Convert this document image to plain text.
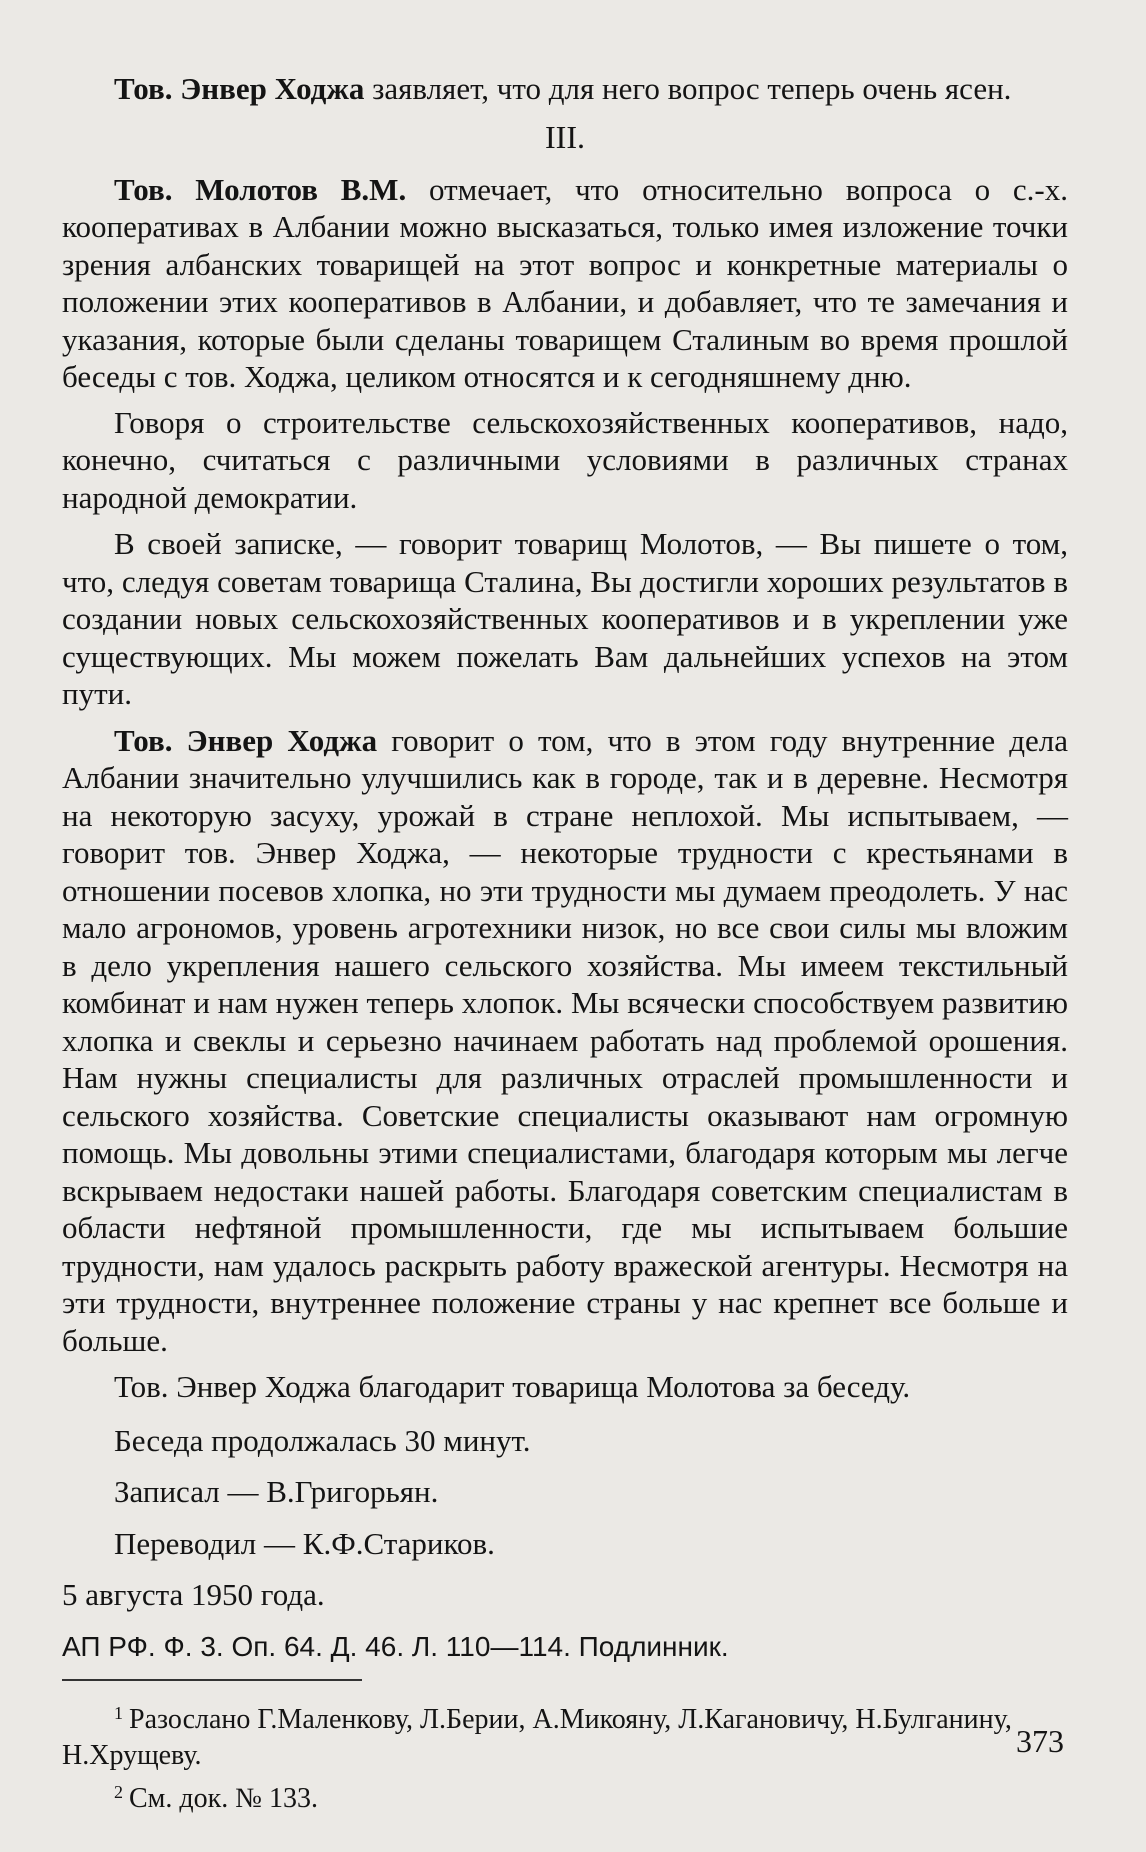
Тов. Энвер Ходжа заявляет, что для него вопрос теперь очень ясен.

III.

Тов. Молотов В.М. отмечает, что относительно вопроса о с.-х. кооперативах в Албании можно высказаться, только имея изложение точки зрения албанских товарищей на этот вопрос и конкретные материалы о положении этих кооперативов в Албании, и добавляет, что те замечания и указания, которые были сделаны товарищем Сталиным во время прошлой беседы с тов. Ходжа, целиком относятся и к сегодняшнему дню.

Говоря о строительстве сельскохозяйственных кооперативов, надо, конечно, считаться с различными условиями в различных странах народной демократии.

В своей записке, — говорит товарищ Молотов, — Вы пишете о том, что, следуя советам товарища Сталина, Вы достигли хороших результатов в создании новых сельскохозяйственных кооперативов и в укреплении уже существующих. Мы можем пожелать Вам дальнейших успехов на этом пути.

Тов. Энвер Ходжа говорит о том, что в этом году внутренние дела Албании значительно улучшились как в городе, так и в деревне. Несмотря на некоторую засуху, урожай в стране неплохой. Мы испытываем, — говорит тов. Энвер Ходжа, — некоторые трудности с крестьянами в отношении посевов хлопка, но эти трудности мы думаем преодолеть. У нас мало агрономов, уровень агротехники низок, но все свои силы мы вложим в дело укрепления нашего сельского хозяйства. Мы имеем текстильный комбинат и нам нужен теперь хлопок. Мы всячески способствуем развитию хлопка и свеклы и серьезно начинаем работать над проблемой орошения. Нам нужны специалисты для различных отраслей промышленности и сельского хозяйства. Советские специалисты оказывают нам огромную помощь. Мы довольны этими специалистами, благодаря которым мы легче вскрываем недостаки нашей работы. Благодаря советским специалистам в области нефтяной промышленности, где мы испытываем большие трудности, нам удалось раскрыть работу вражеской агентуры. Несмотря на эти трудности, внутреннее положение страны у нас крепнет все больше и больше.

Тов. Энвер Ходжа благодарит товарища Молотова за беседу.

Беседа продолжалась 30 минут.

Записал — В.Григорьян.

Переводил — К.Ф.Стариков.

5 августа 1950 года.

АП РФ. Ф. 3. Оп. 64. Д. 46. Л. 110—114. Подлинник.

$^1$ Разослано Г.Маленкову, Л.Берии, А.Микояну, Л.Кагановичу, Н.Булганину, Н.Хрущеву.

$^2$ См. док. № 133.

373
